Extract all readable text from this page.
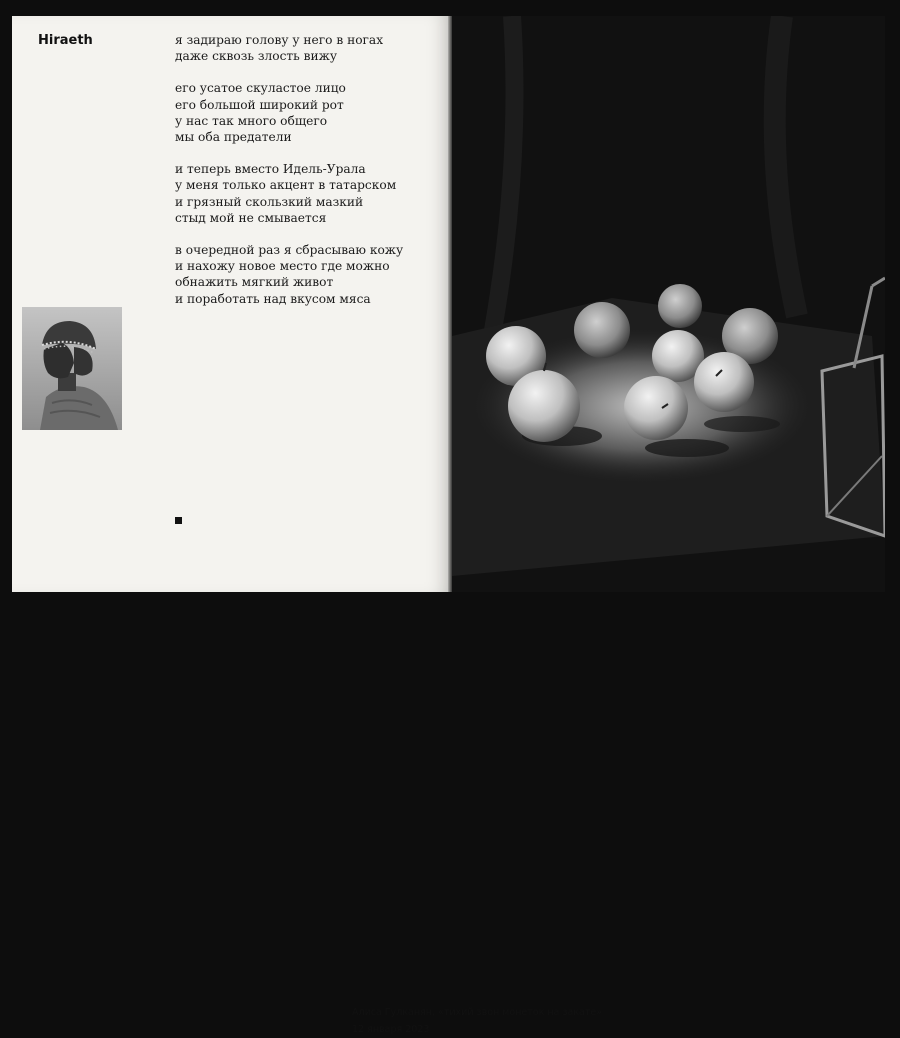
Hiraeth	я задираю голову у него в ногах
даже сквозь злость вижу
его усатое скуластое лицо
его большой широкий рот
у нас так много общего
мы оба предатели
и теперь вместо Идель-Урала
у меня только акцент в татарском
и грязный скользкий мазкий
стыд мой не смывается
в очередной раз я сбрасываю кожу
и нахожу новое место где можно
обнажить мягкий живот
и поработать над вкусом мяса
Алиса Гулканян, «тихий звон монеток на закате»
12 января 2023
